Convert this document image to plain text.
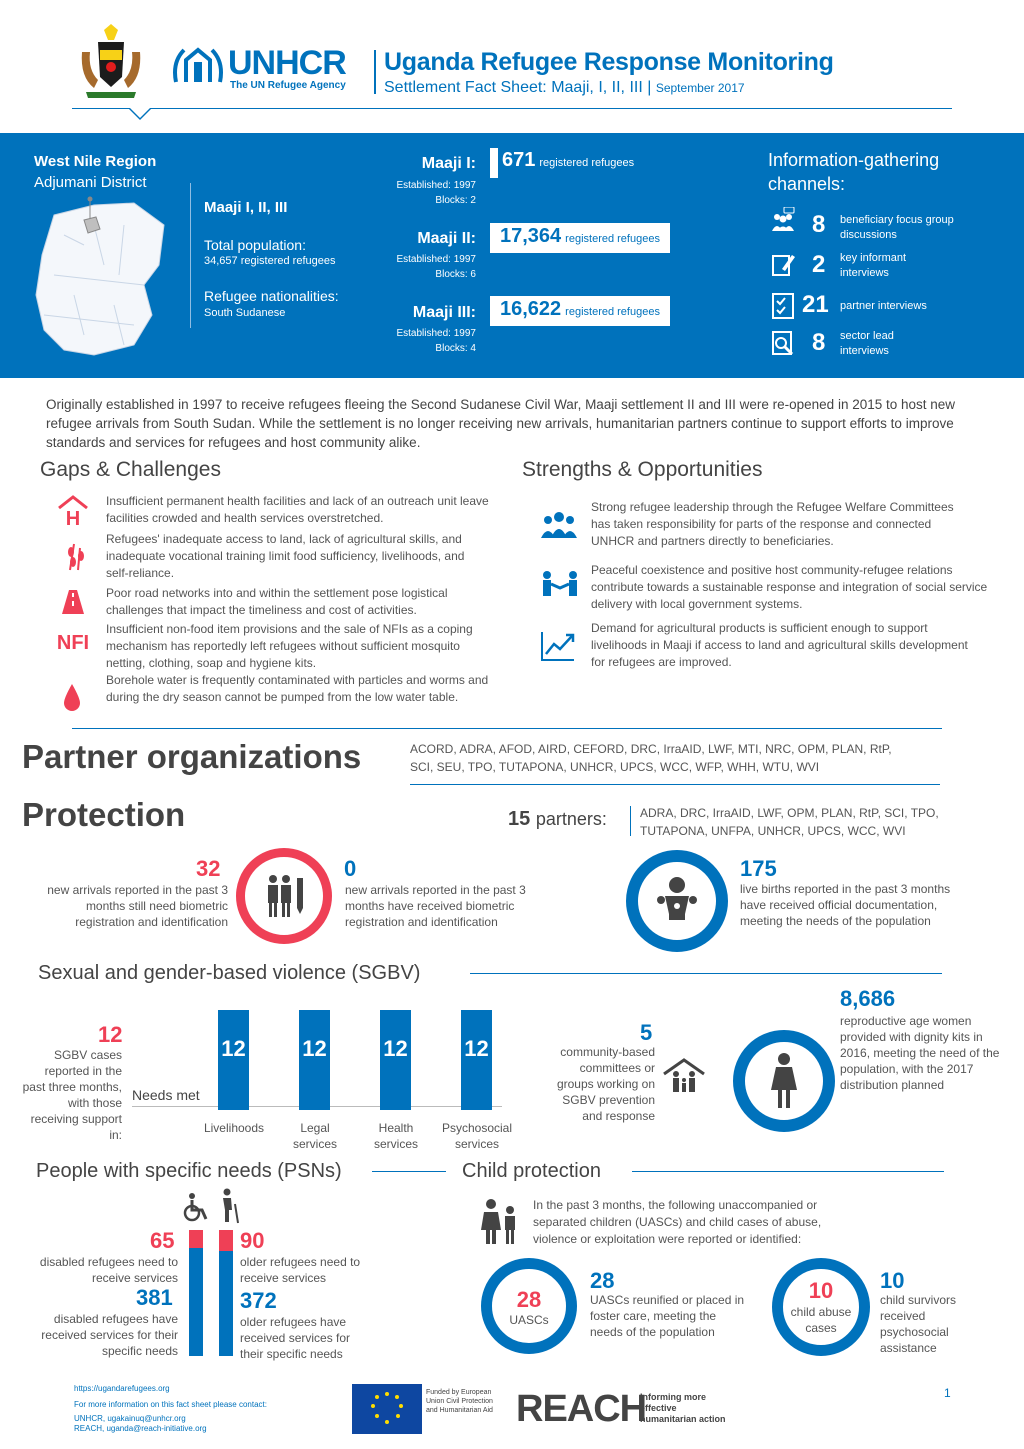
UNHCR
The UN Refugee Agency
Uganda Refugee Response Monitoring
Settlement Fact Sheet: Maaji, I, II, III | September 2017
West Nile Region
Adjumani District
Maaji I, II, III
Total population:
34,657 registered refugees
Refugee nationalities:
South Sudanese
Maaji I:
Established: 1997
Blocks: 2
671 registered refugees
Maaji II:
Established: 1997
Blocks: 6
17,364 registered refugees
Maaji III:
Established: 1997
Blocks: 4
16,622 registered refugees
Information-gathering channels:
8 beneficiary focus group discussions
2 key informant interviews
21 partner interviews
8 sector lead interviews
Originally established in 1997 to receive refugees fleeing the Second Sudanese Civil War, Maaji settlement II and III were re-opened in 2015 to host new refugee arrivals from South Sudan. While the settlement is no longer receiving new arrivals, humanitarian partners continue to support efforts to improve standards and services for refugees and host community alike.
Gaps & Challenges
H
Insufficient permanent health facilities and lack of an outreach unit leave facilities crowded and health services overstretched.
Refugees' inadequate access to land, lack of agricultural skills, and inadequate vocational training limit food sufficiency, livelihoods, and self-reliance.
Poor road networks into and within the settlement pose logistical challenges that impact the timeliness and cost of activities.
NFI
Insufficient non-food item provisions and the sale of NFIs as a coping mechanism has reportedly left refugees without sufficient mosquito netting, clothing, soap and hygiene kits.
Borehole water is frequently contaminated with particles and worms and during the dry season cannot be pumped from the low water table.
Strengths & Opportunities
Strong refugee leadership through the Refugee Welfare Committees has taken responsibility for parts of the response and connected UNHCR and partners directly to beneficiaries.
Peaceful coexistence and positive host community-refugee relations contribute towards a sustainable response and integration of social service delivery with local government systems.
Demand for agricultural products is sufficient enough to support livelihoods in Maaji if access to land and agricultural skills development for refugees are improved.
Partner organizations	ACORD, ADRA, AFOD, AIRD, CEFORD, DRC, IrraAID, LWF, MTI, NRC, OPM, PLAN, RtP, SCI, SEU, TPO, TUTAPONA, UNHCR, UPCS, WCC, WFP, WHH, WTU, WVI
Protection	15 partners:	ADRA, DRC, IrraAID, LWF, OPM, PLAN, RtP, SCI, TPO, TUTAPONA, UNFPA, UNHCR, UPCS, WCC, WVI
32
new arrivals reported in the past 3 months still need biometric registration and identification
0
new arrivals reported in the past 3 months have received biometric registration and identification
175
live births reported in the past 3 months have received official documentation, meeting the needs of the population
Sexual and gender-based violence (SGBV)
12
SGBV cases reported in the past three months, with those receiving support in:
Needs met
12
Livelihoods
12
Legal services
12
Health services
12
Psychosocial services
5
community-based committees or groups working on SGBV prevention and response
8,686
reproductive age women provided with dignity kits in 2016, meeting the need of the population, with the 2017 distribution planned
People with specific needs (PSNs)
65
disabled refugees need to receive services
381
disabled refugees have received services for their specific needs
90
older refugees need to receive services
372
older refugees have received services for their specific needs
Child protection
In the past 3 months, the following unaccompanied or separated children (UASCs) and child cases of abuse, violence or exploitation were reported or identified:
28
UASCs
28
UASCs reunified or placed in foster care, meeting the needs of the population
10
child abuse cases
10
child survivors received psychosocial assistance
https://ugandarefugees.org
For more information on this fact sheet please contact:
UNHCR, ugakainuq@unhcr.org
REACH, uganda@reach-initiative.org
Funded by European Union Civil Protection and Humanitarian Aid REACH
Informing more effective humanitarian action
1
